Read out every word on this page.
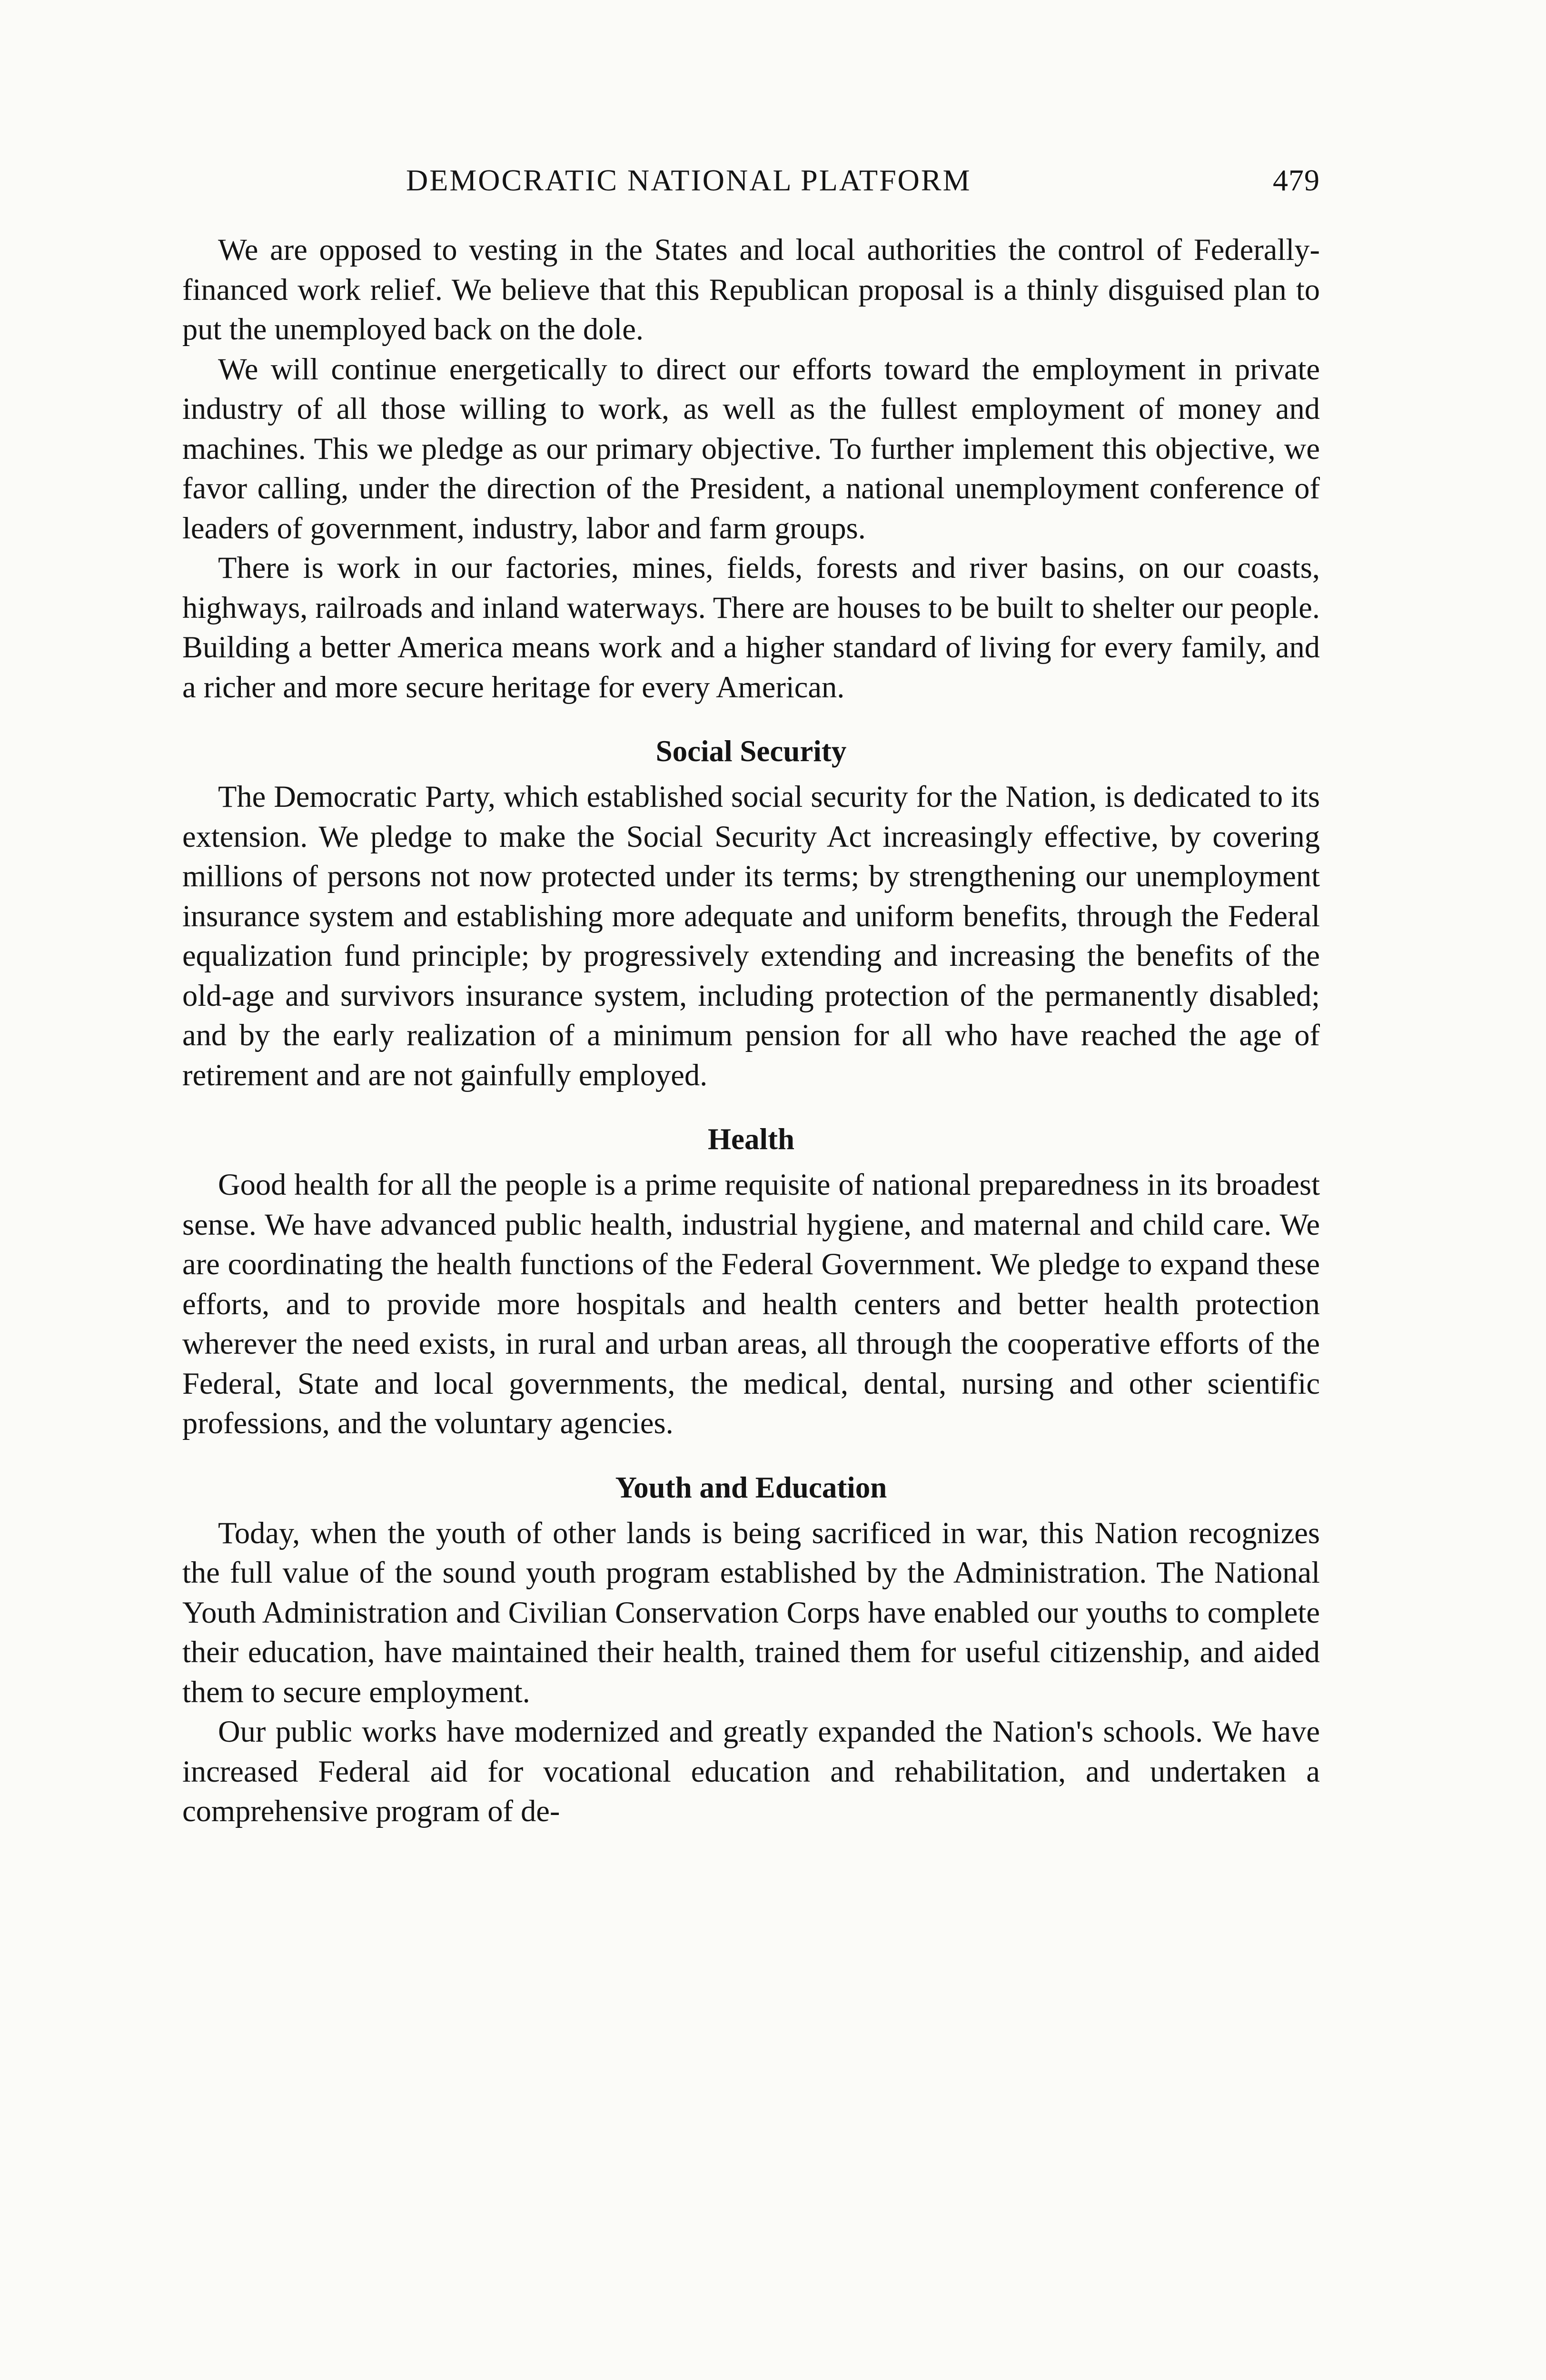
DEMOCRATIC NATIONAL PLATFORM	479

We are opposed to vesting in the States and local authorities the control of Federally-financed work relief. We believe that this Republican proposal is a thinly disguised plan to put the unemployed back on the dole.

We will continue energetically to direct our efforts toward the employment in private industry of all those willing to work, as well as the fullest employment of money and machines. This we pledge as our primary objective. To further implement this objective, we favor calling, under the direction of the President, a national unemployment conference of leaders of government, industry, labor and farm groups.

There is work in our factories, mines, fields, forests and river basins, on our coasts, highways, railroads and inland waterways. There are houses to be built to shelter our people. Building a better America means work and a higher standard of living for every family, and a richer and more secure heritage for every American.

Social Security

The Democratic Party, which established social security for the Nation, is dedicated to its extension. We pledge to make the Social Security Act increasingly effective, by covering millions of persons not now protected under its terms; by strengthening our unemployment insurance system and establishing more adequate and uniform benefits, through the Federal equalization fund principle; by progressively extending and increasing the benefits of the old-age and survivors insurance system, including protection of the permanently disabled; and by the early realization of a minimum pension for all who have reached the age of retirement and are not gainfully employed.

Health

Good health for all the people is a prime requisite of national preparedness in its broadest sense. We have advanced public health, industrial hygiene, and maternal and child care. We are coordinating the health functions of the Federal Government. We pledge to expand these efforts, and to provide more hospitals and health centers and better health protection wherever the need exists, in rural and urban areas, all through the cooperative efforts of the Federal, State and local governments, the medical, dental, nursing and other scientific professions, and the voluntary agencies.

Youth and Education

Today, when the youth of other lands is being sacrificed in war, this Nation recognizes the full value of the sound youth program established by the Administration. The National Youth Administration and Civilian Conservation Corps have enabled our youths to complete their education, have maintained their health, trained them for useful citizenship, and aided them to secure employment.

Our public works have modernized and greatly expanded the Nation's schools. We have increased Federal aid for vocational education and rehabilitation, and undertaken a comprehensive program of de-
